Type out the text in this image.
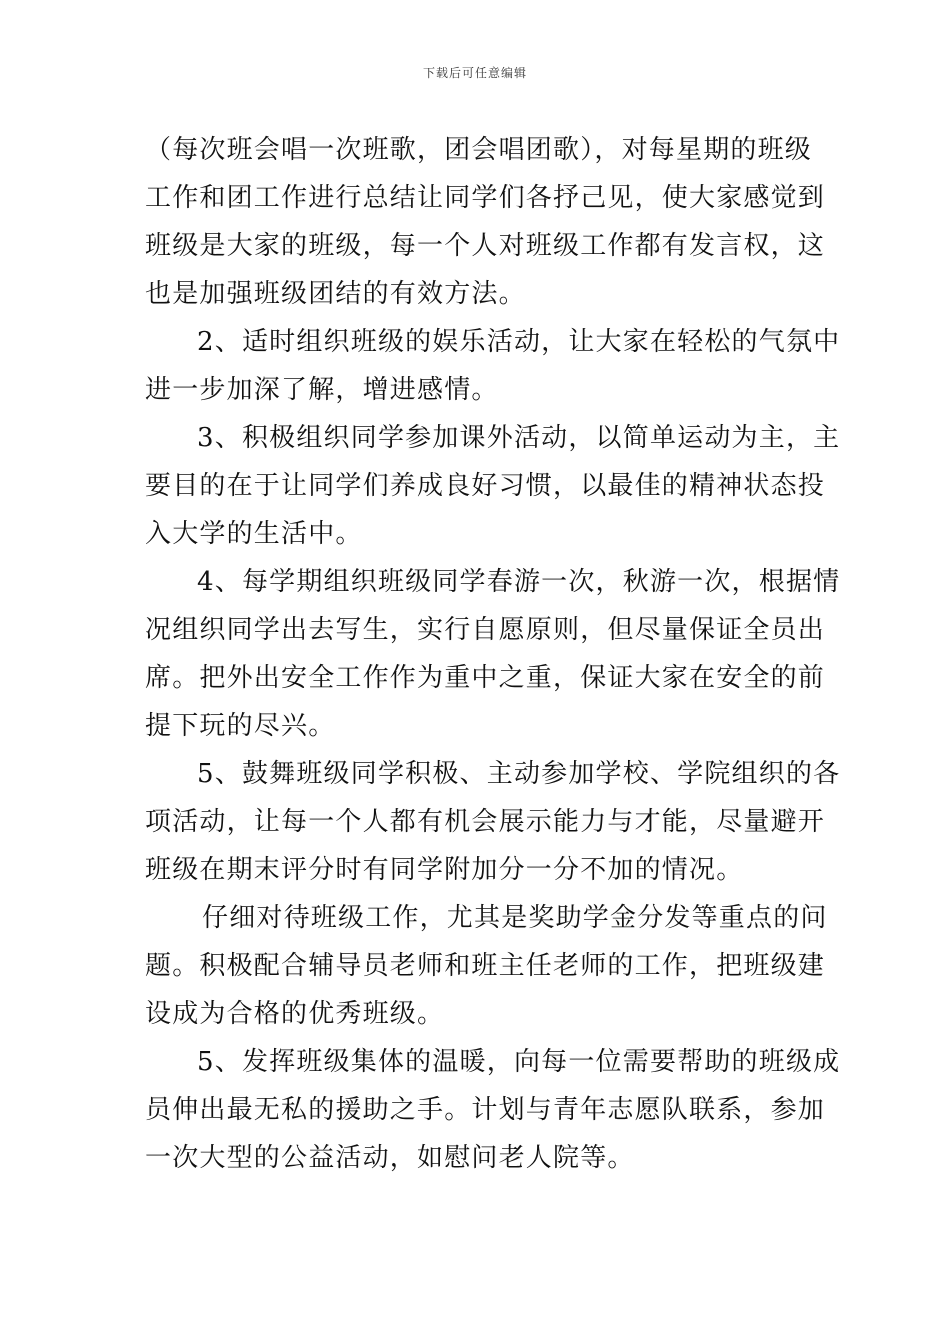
下载后可任意编辑
（每次班会唱一次班歌，团会唱团歌），对每星期的班级
工作和团工作进行总结让同学们各抒己见，使大家感觉到
班级是大家的班级，每一个人对班级工作都有发言权，这
也是加强班级团结的有效方法。
2、适时组织班级的娱乐活动，让大家在轻松的气氛中
进一步加深了解，增进感情。
3、积极组织同学参加课外活动，以简单运动为主，主
要目的在于让同学们养成良好习惯，以最佳的精神状态投
入大学的生活中。
4、每学期组织班级同学春游一次，秋游一次，根据情
况组织同学出去写生，实行自愿原则，但尽量保证全员出
席。把外出安全工作作为重中之重，保证大家在安全的前
提下玩的尽兴。
5、鼓舞班级同学积极、主动参加学校、学院组织的各
项活动，让每一个人都有机会展示能力与才能，尽量避开
班级在期末评分时有同学附加分一分不加的情况。
仔细对待班级工作，尤其是奖助学金分发等重点的问
题。积极配合辅导员老师和班主任老师的工作，把班级建
设成为合格的优秀班级。
5、发挥班级集体的温暖，向每一位需要帮助的班级成
员伸出最无私的援助之手。计划与青年志愿队联系，参加
一次大型的公益活动，如慰问老人院等。
